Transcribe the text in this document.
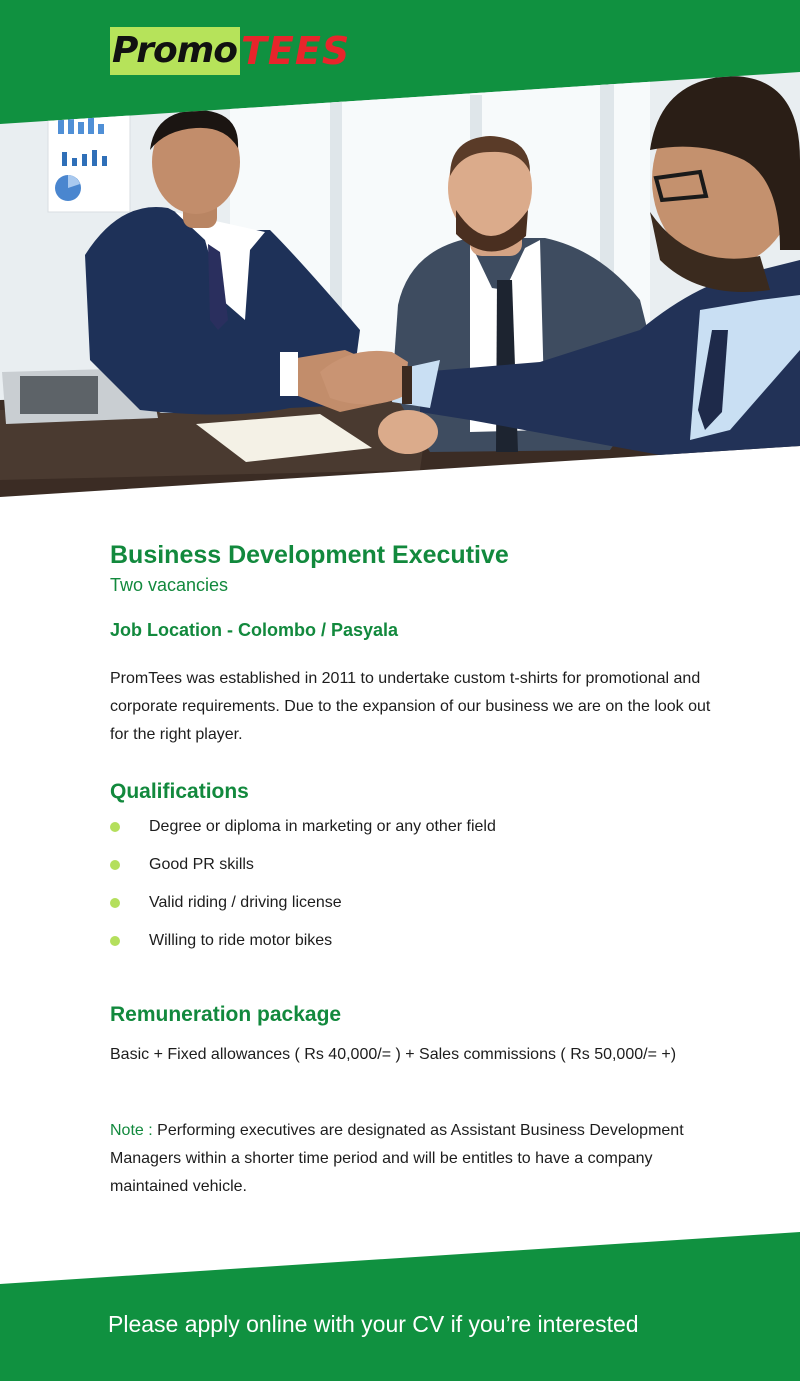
Promo TEES
Business Development Executive

Two vacancies

Job Location - Colombo / Pasyala

PromTees was established in 2011 to undertake custom t-shirts for promotional and corporate requirements. Due to the expansion of our business we are on the look out for the right player.

Qualifications
Degree or diploma in marketing or any other field
Good PR skills
Valid riding / driving license
Willing to ride motor bikes
Remuneration package

Basic + Fixed allowances ( Rs 40,000/= ) + Sales commissions ( Rs 50,000/= +)

Note : Performing executives are designated as Assistant Business Development Managers within a shorter time period and will be entitles to have a company maintained vehicle.

Please apply online with your CV if you’re interested
